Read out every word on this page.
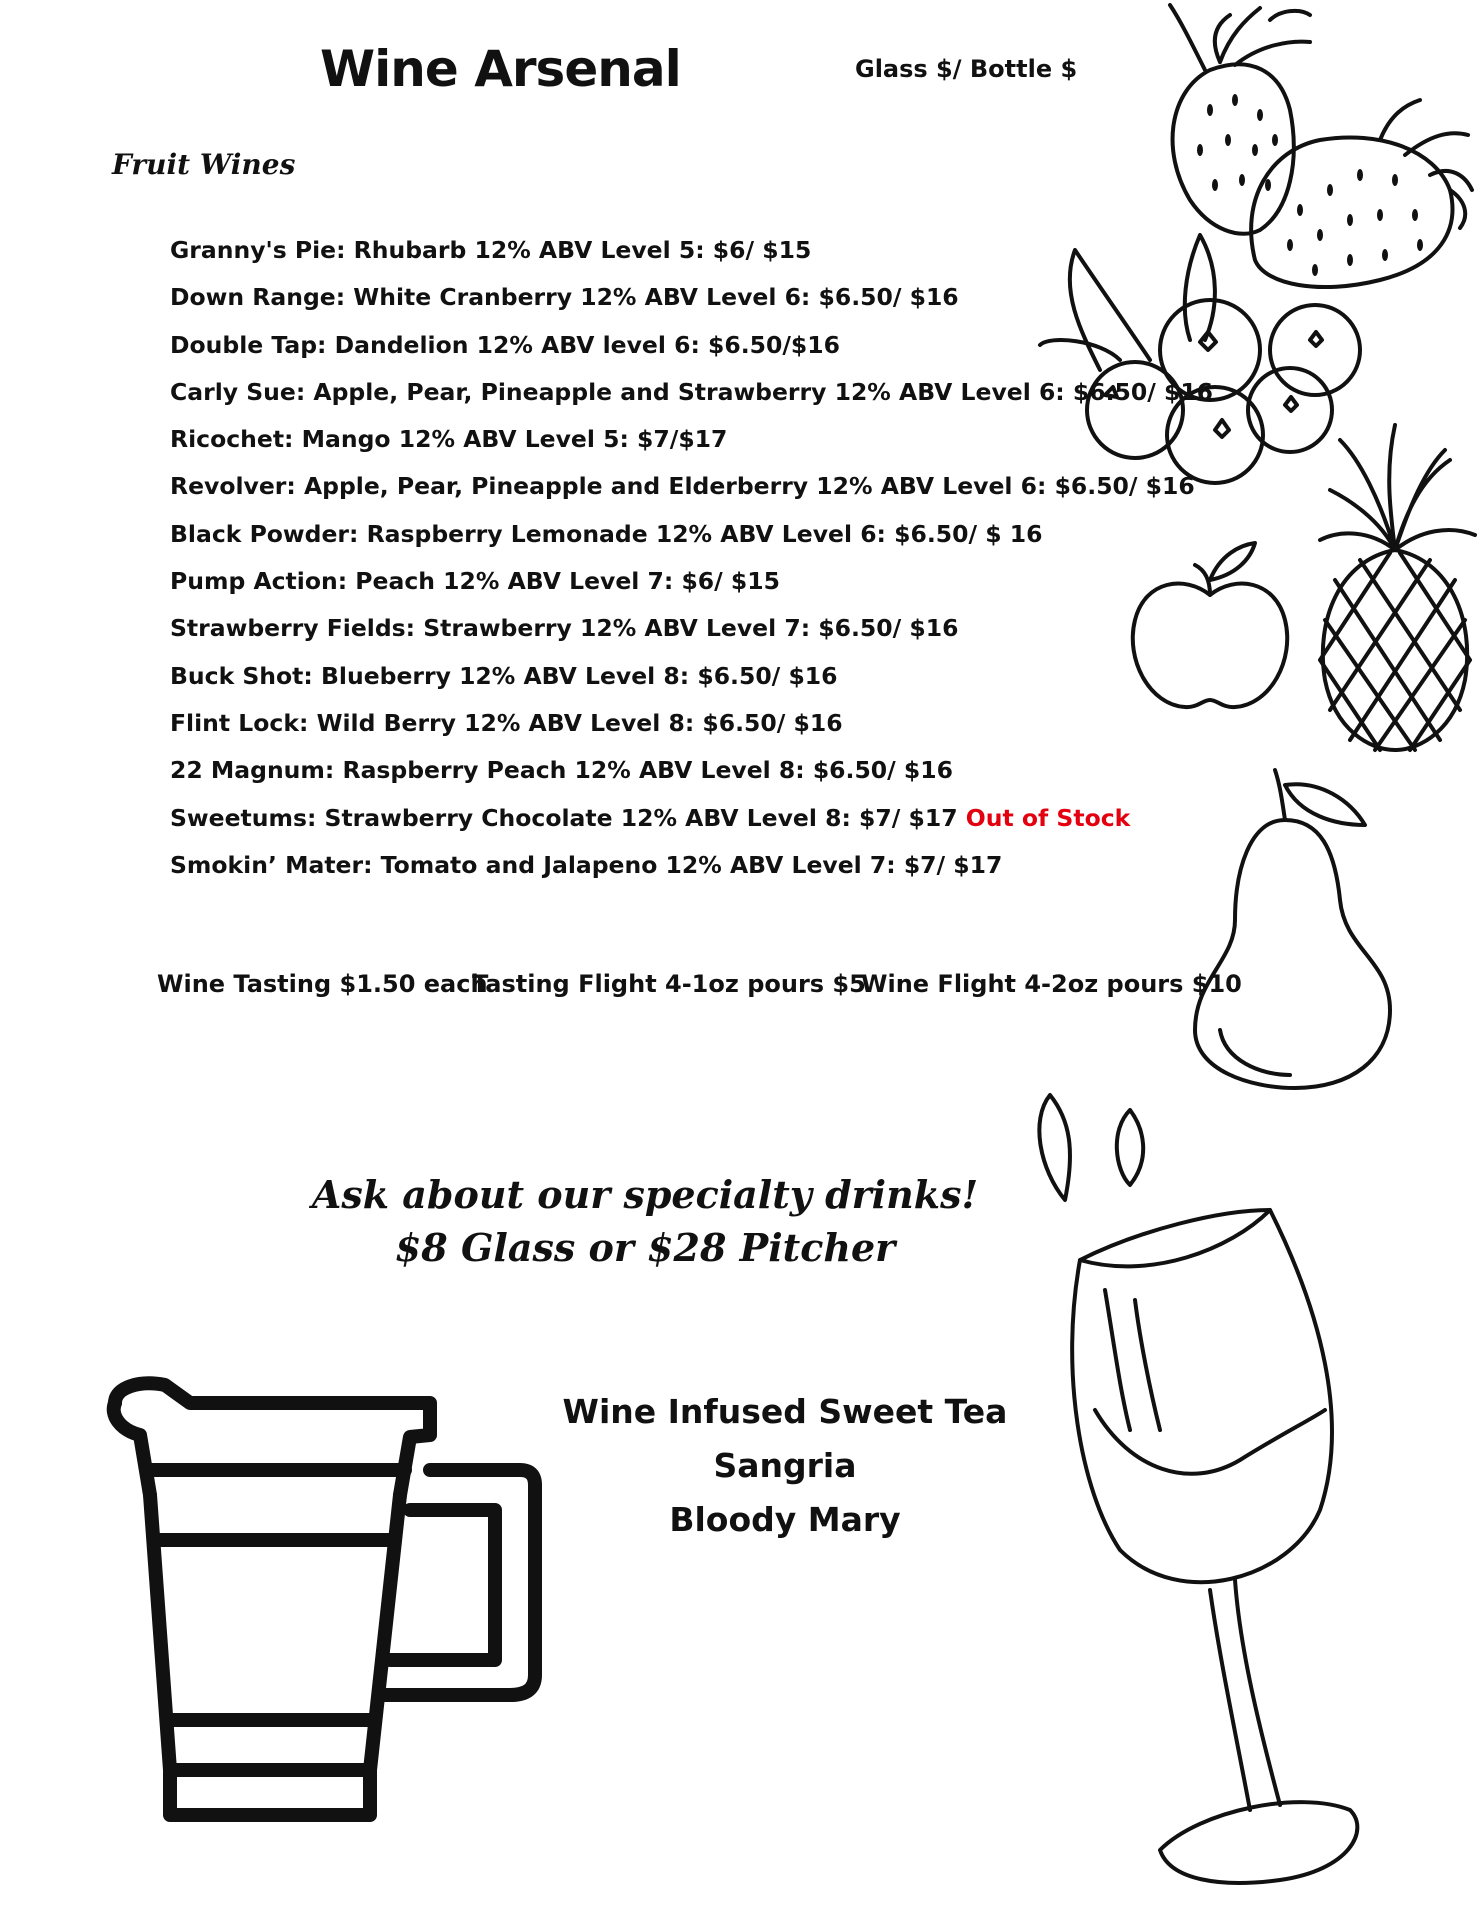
Wine Arsenal	Glass $/ Bottle $
Fruit Wines
Granny's Pie: Rhubarb 12% ABV Level 5: $6/ $15
Down Range: White Cranberry 12% ABV Level 6: $6.50/ $16
Double Tap: Dandelion 12% ABV level 6: $6.50/$16
Carly Sue: Apple, Pear, Pineapple and Strawberry 12% ABV Level 6: $6.50/ $16
Ricochet: Mango 12% ABV Level 5: $7/$17
Revolver: Apple, Pear, Pineapple and Elderberry 12% ABV Level 6: $6.50/ $16
Black Powder: Raspberry Lemonade 12% ABV Level 6: $6.50/ $ 16
Pump Action: Peach 12% ABV Level 7: $6/ $15
Strawberry Fields: Strawberry 12% ABV Level 7: $6.50/ $16
Buck Shot: Blueberry 12% ABV Level 8: $6.50/ $16
Flint Lock: Wild Berry 12% ABV Level 8: $6.50/ $16
22 Magnum: Raspberry Peach 12% ABV Level 8: $6.50/ $16
Sweetums: Strawberry Chocolate 12% ABV Level 8: $7/ $17 Out of Stock
Smokin’ Mater: Tomato and Jalapeno 12% ABV Level 7: $7/ $17
Wine Tasting $1.50 each
Tasting Flight 4-1oz pours $5
Wine Flight 4-2oz pours $10
Ask about our specialty drinks!
$8 Glass or $28 Pitcher
Wine Infused Sweet Tea
Sangria
Bloody Mary
